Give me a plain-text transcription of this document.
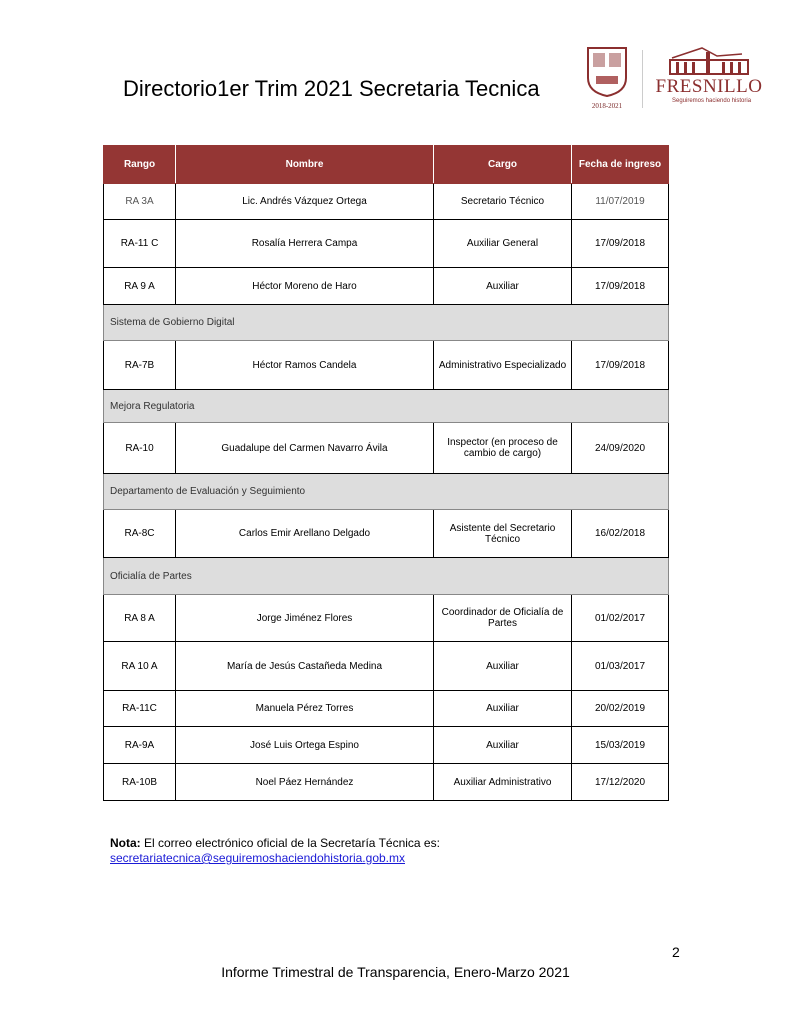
Directorio1er Trim 2021 Secretaria Tecnica
2018-2021
FRESNILLO
Seguiremos haciendo historia
Rango	Nombre	Cargo	Fecha de ingreso
RA 3A	Lic. Andrés Vázquez Ortega	Secretario Técnico	11/07/2019
RA-11 C	Rosalía Herrera Campa	Auxiliar General	17/09/2018
RA 9 A	Héctor Moreno de Haro	Auxiliar	17/09/2018
Sistema de Gobierno Digital			
RA-7B	Héctor Ramos Candela	Administrativo Especializado	17/09/2018
Mejora Regulatoria			
RA-10	Guadalupe del Carmen Navarro Ávila	Inspector (en proceso de cambio de cargo)	24/09/2020
Departamento de Evaluación y Seguimiento			
RA-8C	Carlos Emir Arellano Delgado	Asistente del Secretario Técnico	16/02/2018
Oficialía de Partes			
RA 8 A	Jorge Jiménez Flores	Coordinador de Oficialía de Partes	01/02/2017
RA 10 A	María de Jesús Castañeda Medina	Auxiliar	01/03/2017
RA-11C	Manuela Pérez Torres	Auxiliar	20/02/2019
RA-9A	José Luis Ortega Espino	Auxiliar	15/03/2019
RA-10B	Noel Páez Hernández	Auxiliar Administrativo	17/12/2020
Nota: El correo electrónico oficial de la Secretaría Técnica es:
secretariatecnica@seguiremoshaciendohistoria.gob.mx
2
Informe Trimestral de Transparencia, Enero-Marzo 2021
